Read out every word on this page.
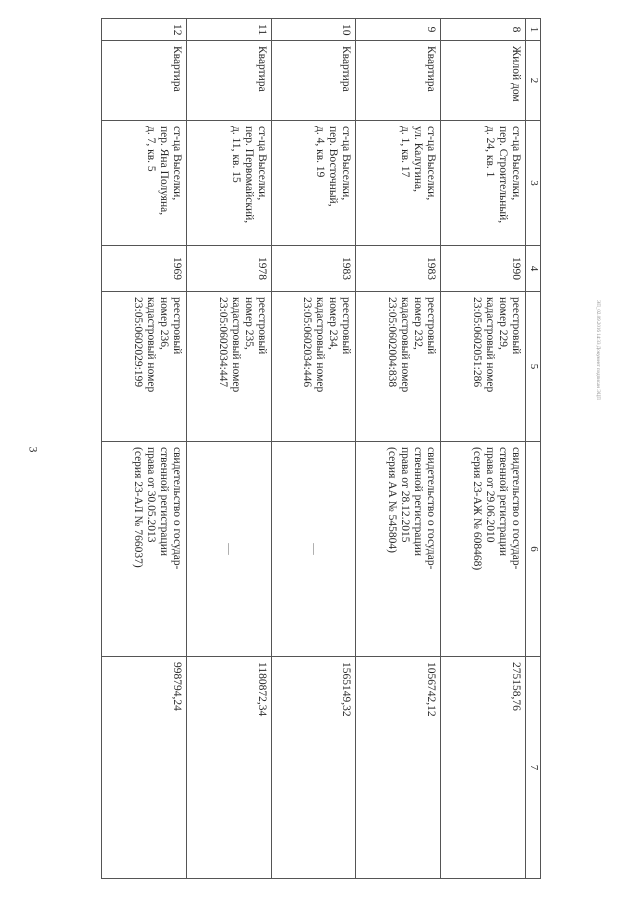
3
ЭП_02.09.2016 14:33 Документ подписан ЭЦП
1	2	3	4	5	6	7
8	Жилой дом	ст-ца Выселки,
пер. Строительный,
д. 24, кв. 1	1990	реестровый
номер 229,
кадастровый номер
23:05:0602051:286	свидетельство о государ-
ственной регистрации
права от 29.06.2010
(серия 23-АЖ № 608468)	275158,76
9	Квартира	ст-ца Выселки,
ул. Калугина,
д. 1, кв. 17	1983	реестровый
номер 232,
кадастровый номер
23:05:0602004:838	свидетельство о государ-
ственной регистрации
права от 28.12.2015
(серия АА № 545804)	1056742,12
10	Квартира	ст-ца Выселки,
пер. Восточный,
д. 4, кв. 19	1983	реестровый
номер 234,
кадастровый номер
23:05:0602034:446	—	1565149,32
11	Квартира	ст-ца Выселки,
пер. Первомайский,
д. 11, кв. 15	1978	реестровый
номер 235,
кадастровый номер
23:05:0602034:447	—	1180872,34
12	Квартира	ст-ца Выселки,
пер. Яна Полуяна,
д. 7, кв. 5	1969	реестровый
номер 236,
кадастровый номер
23:05:0602029:199	свидетельство о государ-
ственной регистрации
права от 30.05.2013
(серия 23-АЛ № 766037)	998794,24
